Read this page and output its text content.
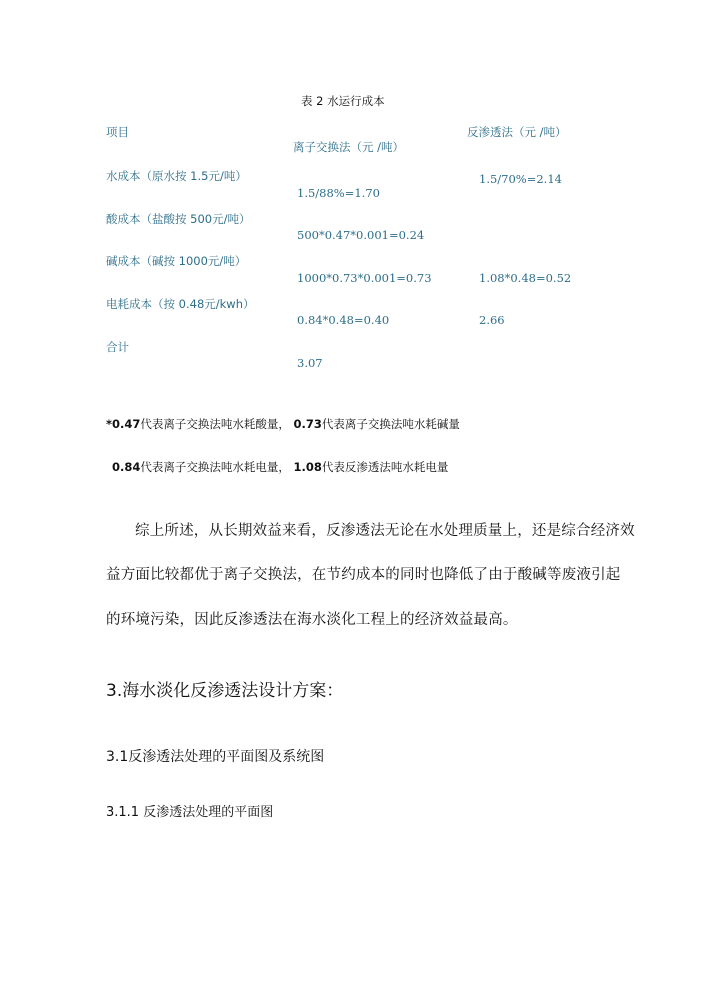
表 2 水运行成本
项目
离子交换法（元 /吨）
反渗透法（元 /吨）
水成本（原水按 1.5元/吨）
1.5/88%=1.70
1.5/70%=2.14
酸成本（盐酸按 500元/吨）
500*0.47*0.001=0.24
碱成本（碱按 1000元/吨）
1000*0.73*0.001=0.73	1.08*0.48=0.52
电耗成本（按 0.48元/kwh）
0.84*0.48=0.40	2.66
合计
3.07
*0.47代表离子交换法吨水耗酸量， 0.73代表离子交换法吨水耗碱量
0.84代表离子交换法吨水耗电量， 1.08代表反渗透法吨水耗电量
综上所述，从长期效益来看，反渗透法无论在水处理质量上，还是综合经济效
益方面比较都优于离子交换法，在节约成本的同时也降低了由于酸碱等废液引起
的环境污染，因此反渗透法在海水淡化工程上的经济效益最高。
3.海水淡化反渗透法设计方案：
3.1反渗透法处理的平面图及系统图
3.1.1 反渗透法处理的平面图
